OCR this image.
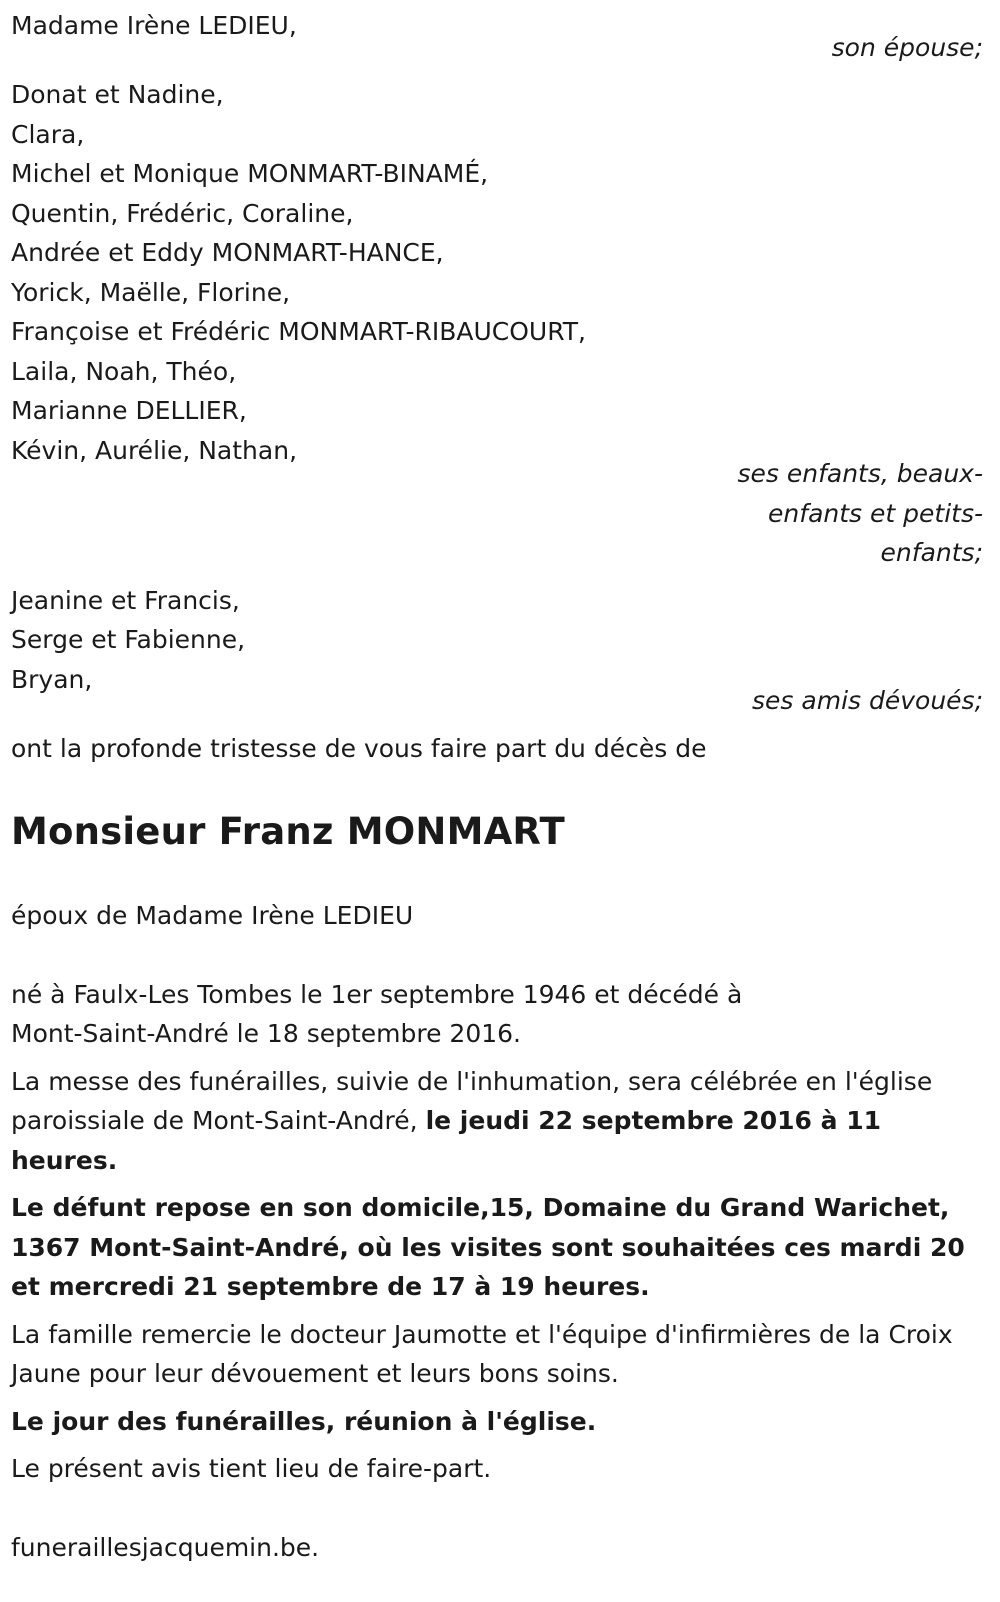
Madame Irène LEDIEU,
son épouse;
Donat et Nadine,
Clara,
Michel et Monique MONMART-BINAMÉ,
Quentin, Frédéric, Coraline,
Andrée et Eddy MONMART-HANCE,
Yorick, Maëlle, Florine,
Françoise et Frédéric MONMART-RIBAUCOURT,
Laila, Noah, Théo,
Marianne DELLIER,
Kévin, Aurélie, Nathan,
ses enfants, beaux-
enfants et petits-
enfants;
Jeanine et Francis,
Serge et Fabienne,
Bryan,
ses amis dévoués;
ont la profonde tristesse de vous faire part du décès de
Monsieur Franz MONMART
époux de Madame Irène LEDIEU
né à Faulx-Les Tombes le 1er septembre 1946 et décédé à
Mont-Saint-André le 18 septembre 2016.

La messe des funérailles, suivie de l'inhumation, sera célébrée en l'église paroissiale de Mont-Saint-André, le jeudi 22 septembre 2016 à 11 heures.

Le défunt repose en son domicile,15, Domaine du Grand Warichet, 1367 Mont-Saint-André, où les visites sont souhaitées ces mardi 20 et mercredi 21 septembre de 17 à 19 heures.

La famille remercie le docteur Jaumotte et l'équipe d'infirmières de la Croix Jaune pour leur dévouement et leurs bons soins.

Le jour des funérailles, réunion à l'église.

Le présent avis tient lieu de faire-part.

funeraillesjacquemin.be.
